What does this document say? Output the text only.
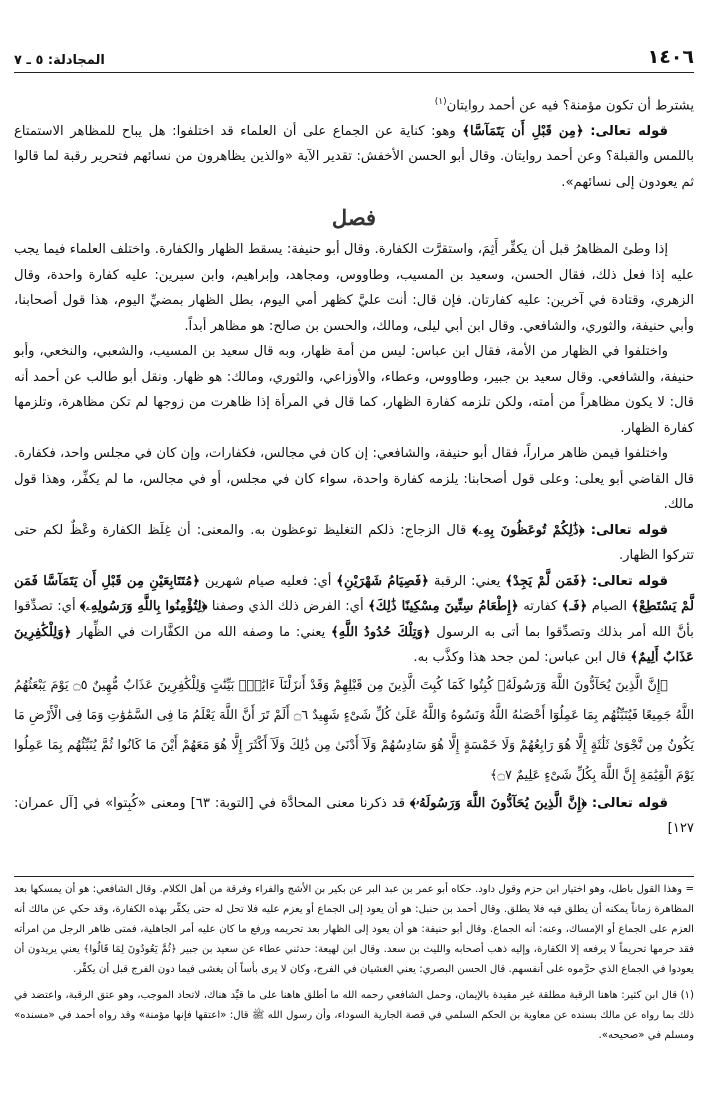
١٤٠٦
المجادلة: ٥ ـ ٧

يشترط أن تكون مؤمنة؟ فيه عن أحمد روايتان$^{(١)}$

قوله تعالى: ﴿مِن قَبْلِ أَن يَتَمَآسَّا﴾ وهو: كناية عن الجماع على أن العلماء قد اختلفوا: هل يباح للمظاهر الاستمتاع باللمس والقبلة؟ وعن أحمد روايتان. وقال أبو الحسن الأخفش: تقدير الآية «والذين يظاهرون من نسائهم فتحرير رقبة لما قالوا ثم يعودون إلى نسائهم».

فصل

إذا وطئ المظاهرُ قبل أن يكفِّر أَثِمَ، واستقرَّت الكفارة. وقال أبو حنيفة: يسقط الظهار والكفارة. واختلف العلماء فيما يجب عليه إذا فعل ذلك، فقال الحسن، وسعيد بن المسيب، وطاووس، ومجاهد، وإبراهيم، وابن سيرين: عليه كفارة واحدة، وقال الزهري، وقتادة في آخرين: عليه كفارتان. فإن قال: أنت عليَّ كظهر أمي اليوم، بطل الظهار بمضيِّ اليوم، هذا قول أصحابنا، وأبي حنيفة، والثوري، والشافعي. وقال ابن أبي ليلى، ومالك، والحسن بن صالح: هو مظاهر أبداً.

واختلفوا في الظهار من الأمة، فقال ابن عباس: ليس من أمة ظهار، وبه قال سعيد بن المسيب، والشعبي، والنخعي، وأبو حنيفة، والشافعي. وقال سعيد بن جبير، وطاووس، وعطاء، والأوزاعي، والثوري، ومالك: هو ظهار. ونقل أبو طالب عن أحمد أنه قال: لا يكون مظاهراً من أمته، ولكن تلزمه كفارة الظهار، كما قال في المرأة إذا ظاهرت من زوجها لم تكن مظاهرة، وتلزمها كفارة الظهار.

واختلفوا فيمن ظاهر مراراً، فقال أبو حنيفة، والشافعي: إن كان في مجالس، فكفارات، وإن كان في مجلس واحد، فكفارة. قال القاضي أبو يعلى: وعلى قول أصحابنا: يلزمه كفارة واحدة، سواء كان في مجلس، أو في مجالس، ما لم يكفِّر، وهذا قول مالك.

قوله تعالى: ﴿ذَٰلِكُمْ تُوعَظُونَ بِهِۦ﴾ قال الزجاج: ذلكم التغليظ توعظون به. والمعنى: أن غِلَظ الكفارة وعْظٌ لكم حتى تتركوا الظهار.

قوله تعالى: ﴿فَمَن لَّمْ يَجِدْ﴾ يعني: الرقبة ﴿فَصِيَامُ شَهْرَيْنِ﴾ أي: فعليه صيام شهرين ﴿مُتَتَابِعَيْنِ مِن قَبْلِ أَن يَتَمَآسَّا فَمَن لَّمْ يَسْتَطِعْ﴾ الصيام ﴿فَـ﴾ كفارته ﴿إِطْعَامُ سِتِّينَ مِسْكِينًا ذَٰلِكَ﴾ أي: الفرض ذلك الذي وصفنا ﴿لِتُؤْمِنُوا بِاللَّهِ وَرَسُولِهِۦ﴾ أي: تصدِّقوا بأنَّ الله أمر بذلك وتصدِّقوا بما أتى به الرسول ﴿وَتِلْكَ حُدُودُ اللَّهِ﴾ يعني: ما وصفه الله من الكفَّارات في الظِّهار ﴿وَلِلْكَٰفِرِينَ عَذَابٌ أَلِيمٌ﴾ قال ابن عباس: لمن جحد هذا وكذَّب به.

﴿إِنَّ الَّذِينَ يُحَآدُّونَ اللَّهَ وَرَسُولَهُۥ كُبِتُوا كَمَا كُبِتَ الَّذِينَ مِن قَبْلِهِمْ وَقَدْ أَنزَلْنَآ ءَايَٰتٍۭ بَيِّنَٰتٍ وَلِلْكَٰفِرِينَ عَذَابٌ مُّهِينٌ ۝٥ يَوْمَ يَبْعَثُهُمُ اللَّهُ جَمِيعًا فَيُنَبِّئُهُم بِمَا عَمِلُوٓا أَحْصَىٰهُ اللَّهُ وَنَسُوهُ وَاللَّهُ عَلَىٰ كُلِّ شَىْءٍ شَهِيدٌ ۝٦ أَلَمْ تَرَ أَنَّ اللَّهَ يَعْلَمُ مَا فِى السَّمَٰوَٰتِ وَمَا فِى الْأَرْضِ مَا يَكُونُ مِن نَّجْوَىٰ ثَلَٰثَةٍ إِلَّا هُوَ رَابِعُهُمْ وَلَا خَمْسَةٍ إِلَّا هُوَ سَادِسُهُمْ وَلَآ أَدْنَىٰ مِن ذَٰلِكَ وَلَآ أَكْثَرَ إِلَّا هُوَ مَعَهُمْ أَيْنَ مَا كَانُوا ثُمَّ يُنَبِّئُهُم بِمَا عَمِلُوا يَوْمَ الْقِيَٰمَةِ إِنَّ اللَّهَ بِكُلِّ شَىْءٍ عَلِيمٌ ۝٧﴾

قوله تعالى: ﴿إِنَّ الَّذِينَ يُحَآدُّونَ اللَّهَ وَرَسُولَهُۥ﴾ قد ذكرنا معنى المحادَّة في [التوبة: ٦٣] ومعنى «كُبِتوا» في [آل عمران: ١٢٧]

= وهذا القول باطل، وهو اختيار ابن حزم وقول داود. حكاه أبو عمر بن عبد البر عن بكير بن الأشج والفراء وفرقة من أهل الكلام. وقال الشافعي: هو أن يمسكها بعد المظاهرة زماناً يمكنه أن يطلق فيه فلا يطلق. وقال أحمد بن حنبل: هو أن يعود إلى الجماع أو يعزم عليه فلا تحل له حتى يكفِّر بهذه الكفارة، وقد حكي عن مالك أنه العزم على الجماع أو الإمساك، وعنه: أنه الجماع. وقال أبو حنيفة: هو أن يعود إلى الظهار بعد تحريمه ورفع ما كان عليه أمر الجاهلية، فمتى ظاهر الرجل من امرأته فقد حرمها تحريماً لا يرفعه إلا الكفارة، وإليه ذهب أصحابه والليث بن سعد. وقال ابن لهيعة: حدثني عطاء عن سعيد بن جبير ﴿ثُمَّ يَعُودُونَ لِمَا قَالُوا﴾ يعني يريدون أن يعودوا في الجماع الذي حرَّموه على أنفسهم. قال الحسن البصري: يعني الغشيان في الفرج، وكان لا يرى بأساً أن يغشى فيما دون الفرج قبل أن يكفِّر.

(١) قال ابن كثير: هاهنا الرقبة مطلقة غير مقيدة بالإيمان، وحمل الشافعي رحمه الله ما أطلق هاهنا على ما قيِّد هناك، لاتحاد الموجب، وهو عتق الرقبة، واعتضد في ذلك بما رواه عن مالك بسنده عن معاوية بن الحكم السلمي في قصة الجارية السوداء، وأن رسول الله ﷺ قال: «اعتقها فإنها مؤمنة» وقد رواه أحمد في «مسنده» ومسلم في «صحيحه».
